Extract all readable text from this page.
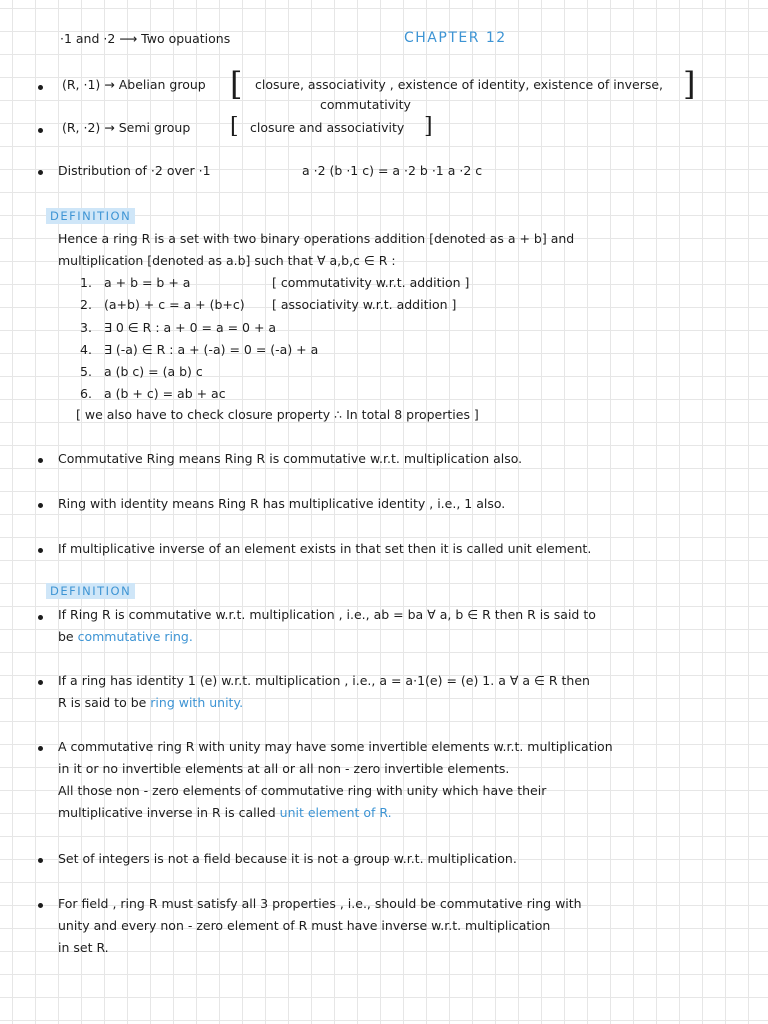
·1 and ·2 ⟶ Two opuations	CHAPTER 12
(R, ·1) → Abelian group [ closure, associativity , existence of identity, existence of inverse,
commutativity
]
(R, ·2) → Semi group [ closure and associativity ]
Distribution of ·2 over ·1	a ·2 (b ·1 c) = a ·2 b ·1 a ·2 c
DEFINITION
Hence a ring R is a set with two binary operations addition [denoted as a + b] and
multiplication [denoted as a.b] such that ∀ a,b,c ∈ R :
1. a + b = b + a	[ commutativity w.r.t. addition ]
2. (a+b) + c = a + (b+c) [ associativity w.r.t. addition ]
3. ∃ 0 ∈ R : a + 0 = a = 0 + a
4. ∃ (-a) ∈ R : a + (-a) = 0 = (-a) + a
5. a (b c) = (a b) c
6. a (b + c) = ab + ac
[ we also have to check closure property ∴ In total 8 properties ]
Commutative Ring means Ring R is commutative w.r.t. multiplication also.
Ring with identity means Ring R has multiplicative identity , i.e., 1 also.
If multiplicative inverse of an element exists in that set then it is called unit element.
DEFINITION
If Ring R is commutative w.r.t. multiplication , i.e., ab = ba ∀ a, b ∈ R then R is said to
be commutative ring.
If a ring has identity 1 (e) w.r.t. multiplication , i.e., a = a·1(e) = (e) 1. a ∀ a ∈ R then
R is said to be ring with unity.
A commutative ring R with unity may have some invertible elements w.r.t. multiplication
in it or no invertible elements at all or all non - zero invertible elements.
All those non - zero elements of commutative ring with unity which have their
multiplicative inverse in R is called unit element of R.
Set of integers is not a field because it is not a group w.r.t. multiplication.
For field , ring R must satisfy all 3 properties , i.e., should be commutative ring with
unity and every non - zero element of R must have inverse w.r.t. multiplication
in set R.
